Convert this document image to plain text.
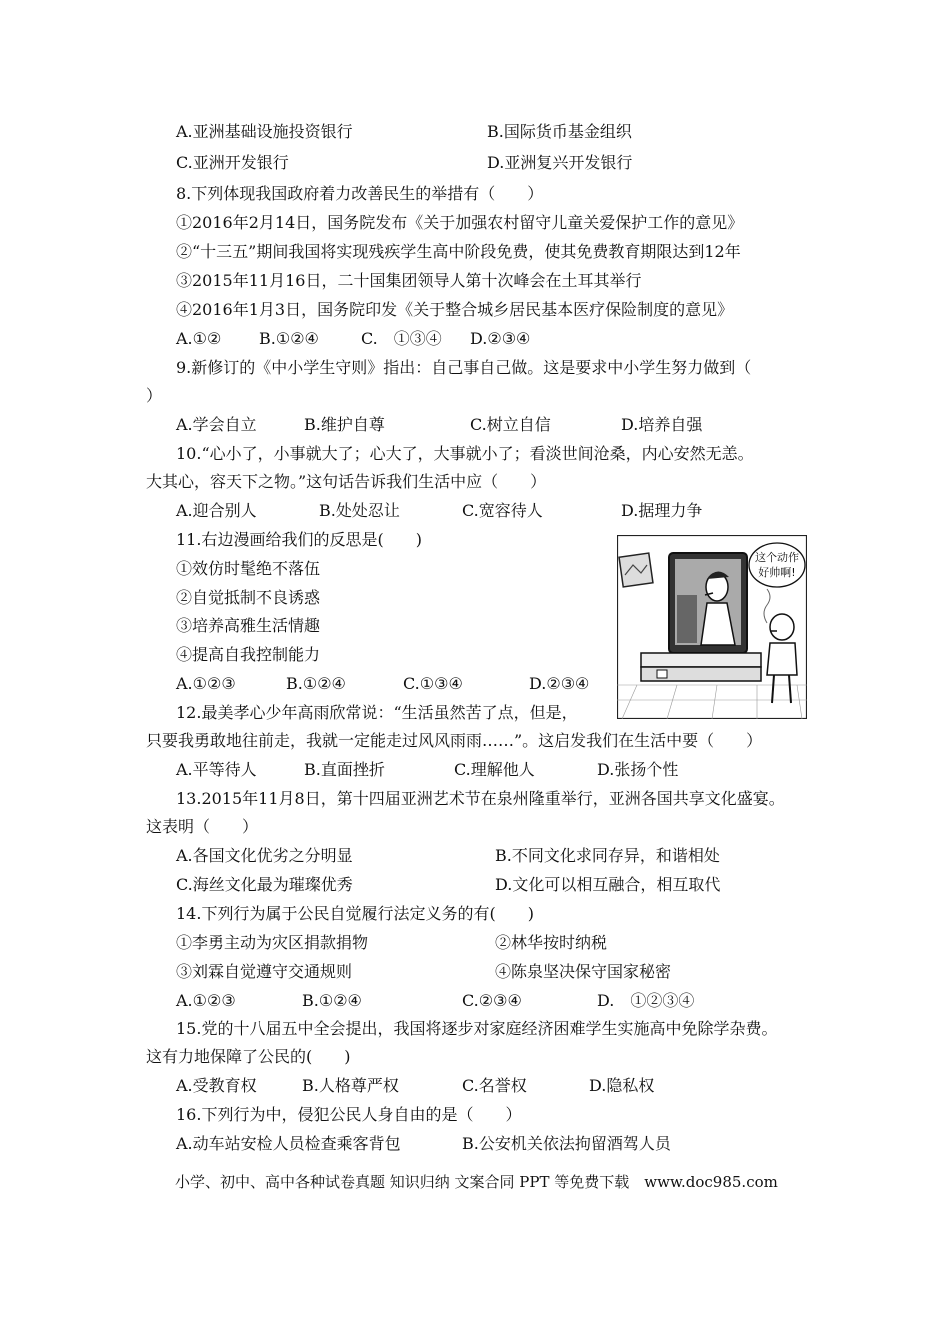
A.亚洲基础设施投资银行	B.国际货币基金组织
C.亚洲开发银行	D.亚洲复兴开发银行
8.下列体现我国政府着力改善民生的举措有（　　）
①2016年2月14日，国务院发布《关于加强农村留守儿童关爱保护工作的意见》
②“十三五”期间我国将实现残疾学生高中阶段免费，使其免费教育期限达到12年
③2015年11月16日，二十国集团领导人第十次峰会在土耳其举行
④2016年1月3日，国务院印发《关于整合城乡居民基本医疗保险制度的意见》
A.①② B.①②④	C.　①③④ D.②③④
9.新修订的《中小学生守则》指出：自己事自己做。这是要求中小学生努力做到（
）
A.学会自立	B.维护自尊	C.树立自信	D.培养自强
10.“心小了，小事就大了；心大了，大事就小了；看淡世间沧桑，内心安然无恙。
大其心，容天下之物。”这句话告诉我们生活中应（　　）
A.迎合别人	B.处处忍让	C.宽容待人	D.据理力争
11.右边漫画给我们的反思是(　　)
①效仿时髦绝不落伍
②自觉抵制不良诱惑
③培养高雅生活情趣
④提高自我控制能力
A.①②③	B.①②④	C.①③④	D.②③④
这个动作
好帅啊!
12.最美孝心少年高雨欣常说：“生活虽然苦了点，但是，
只要我勇敢地往前走，我就一定能走过风风雨雨……”。这启发我们在生活中要（　　）
A.平等待人	B.直面挫折	C.理解他人	D.张扬个性
13.2015年11月8日，第十四届亚洲艺术节在泉州隆重举行，亚洲各国共享文化盛宴。
这表明（　　）
A.各国文化优劣之分明显	B.不同文化求同存异，和谐相处
C.海丝文化最为璀璨优秀	D.文化可以相互融合，相互取代
14.下列行为属于公民自觉履行法定义务的有(　　)
①李勇主动为灾区捐款捐物	②林华按时纳税
③刘霖自觉遵守交通规则	④陈泉坚决保守国家秘密
A.①②③	B.①②④	C.②③④	D.　①②③④
15.党的十八届五中全会提出，我国将逐步对家庭经济困难学生实施高中免除学杂费。
这有力地保障了公民的(　　)
A.受教育权	B.人格尊严权	C.名誉权	D.隐私权
16.下列行为中，侵犯公民人身自由的是（　　）
A.动车站安检人员检查乘客背包	B.公安机关依法拘留酒驾人员
小学、初中、高中各种试卷真题 知识归纳 文案合同 PPT 等免费下载　www.doc985.com
